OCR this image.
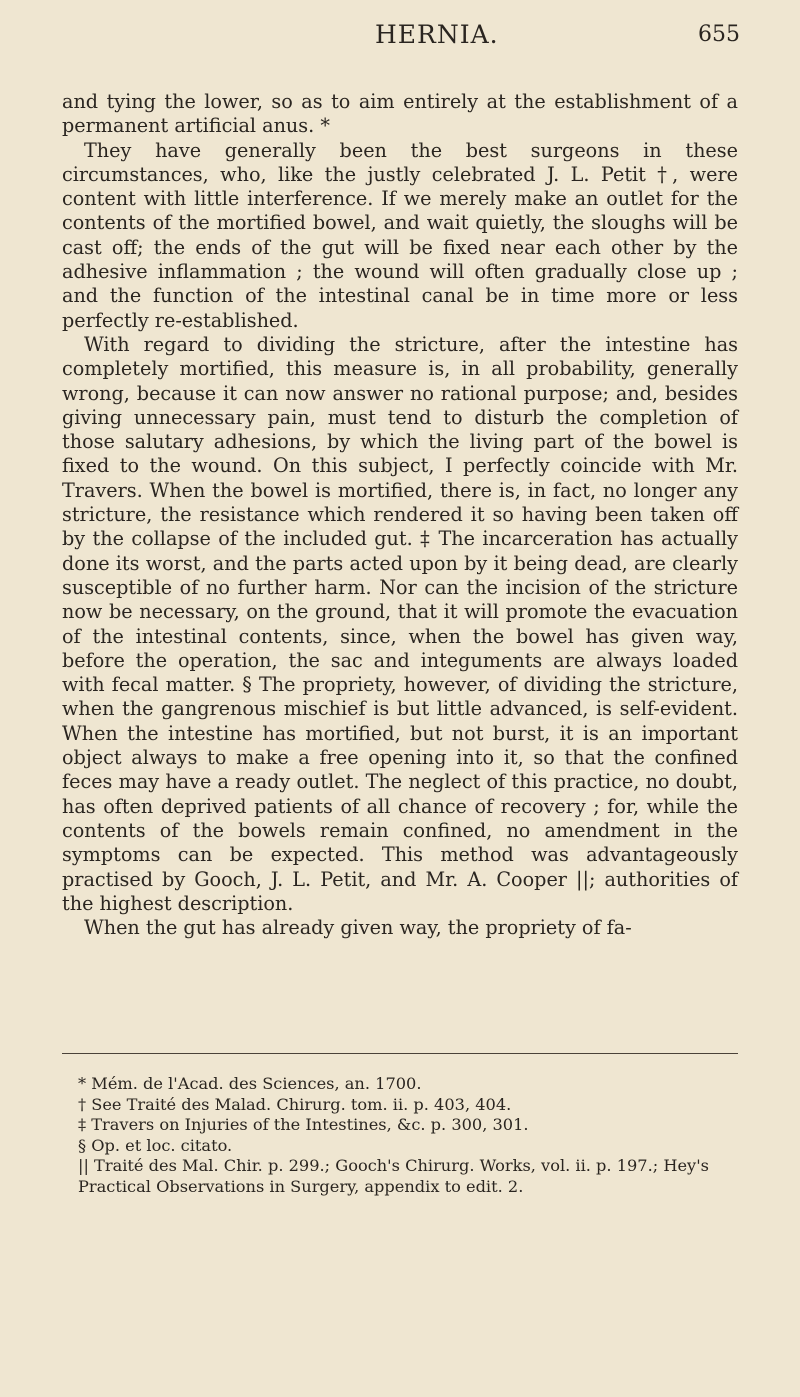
HERNIA.	655

and tying the lower, so as to aim entirely at the establishment of a permanent artificial anus. *

They have generally been the best surgeons in these circumstances, who, like the justly celebrated J. L. Petit †, were content with little interference. If we merely make an outlet for the contents of the mortified bowel, and wait quietly, the sloughs will be cast off; the ends of the gut will be fixed near each other by the adhesive inflammation ; the wound will often gradually close up ; and the function of the intestinal canal be in time more or less perfectly re-established.

With regard to dividing the stricture, after the intestine has completely mortified, this measure is, in all probability, generally wrong, because it can now answer no rational purpose; and, besides giving unnecessary pain, must tend to disturb the completion of those salutary adhesions, by which the living part of the bowel is fixed to the wound. On this subject, I perfectly coincide with Mr. Travers. When the bowel is mortified, there is, in fact, no longer any stricture, the resistance which rendered it so having been taken off by the collapse of the included gut. ‡ The incarceration has actually done its worst, and the parts acted upon by it being dead, are clearly susceptible of no further harm. Nor can the incision of the stricture now be necessary, on the ground, that it will promote the evacuation of the intestinal contents, since, when the bowel has given way, before the operation, the sac and integuments are always loaded with fecal matter. § The propriety, however, of dividing the stricture, when the gangrenous mischief is but little advanced, is self-evident. When the intestine has mortified, but not burst, it is an important object always to make a free opening into it, so that the confined feces may have a ready outlet. The neglect of this practice, no doubt, has often deprived patients of all chance of recovery ; for, while the contents of the bowels remain confined, no amendment in the symptoms can be expected. This method was advantageously practised by Gooch, J. L. Petit, and Mr. A. Cooper ||; authorities of the highest description.

When the gut has already given way, the propriety of fa-

* Mém. de l'Acad. des Sciences, an. 1700.

† See Traité des Malad. Chirurg. tom. ii. p. 403, 404.

‡ Travers on Injuries of the Intestines, &c. p. 300, 301.

§ Op. et loc. citato.

|| Traité des Mal. Chir. p. 299.; Gooch's Chirurg. Works, vol. ii. p. 197.; Hey's Practical Observations in Surgery, appendix to edit. 2.
